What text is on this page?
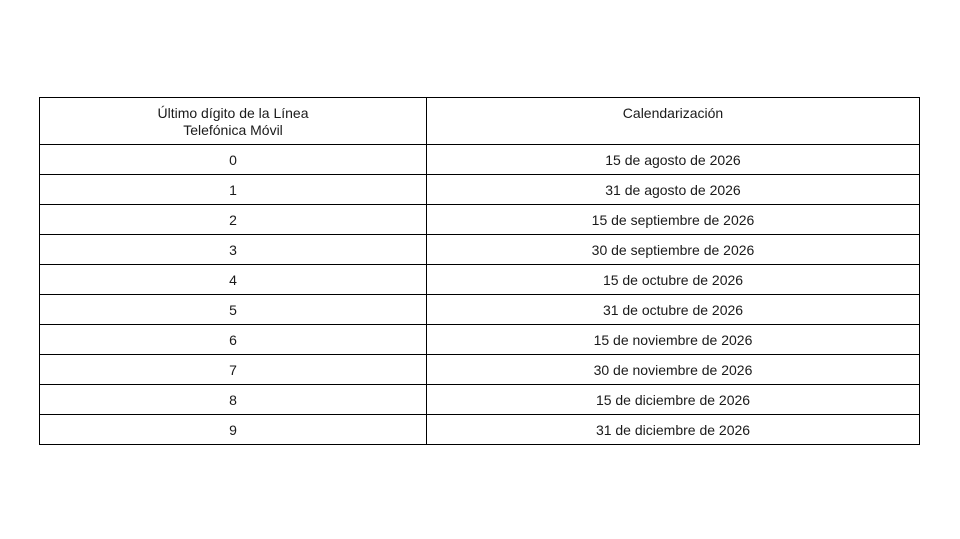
Último dígito de la Línea
Telefónica Móvil	Calendarización
0	15 de agosto de 2026
1	31 de agosto de 2026
2	15 de septiembre de 2026
3	30 de septiembre de 2026
4	15 de octubre de 2026
5	31 de octubre de 2026
6	15 de noviembre de 2026
7	30 de noviembre de 2026
8	15 de diciembre de 2026
9	31 de diciembre de 2026
